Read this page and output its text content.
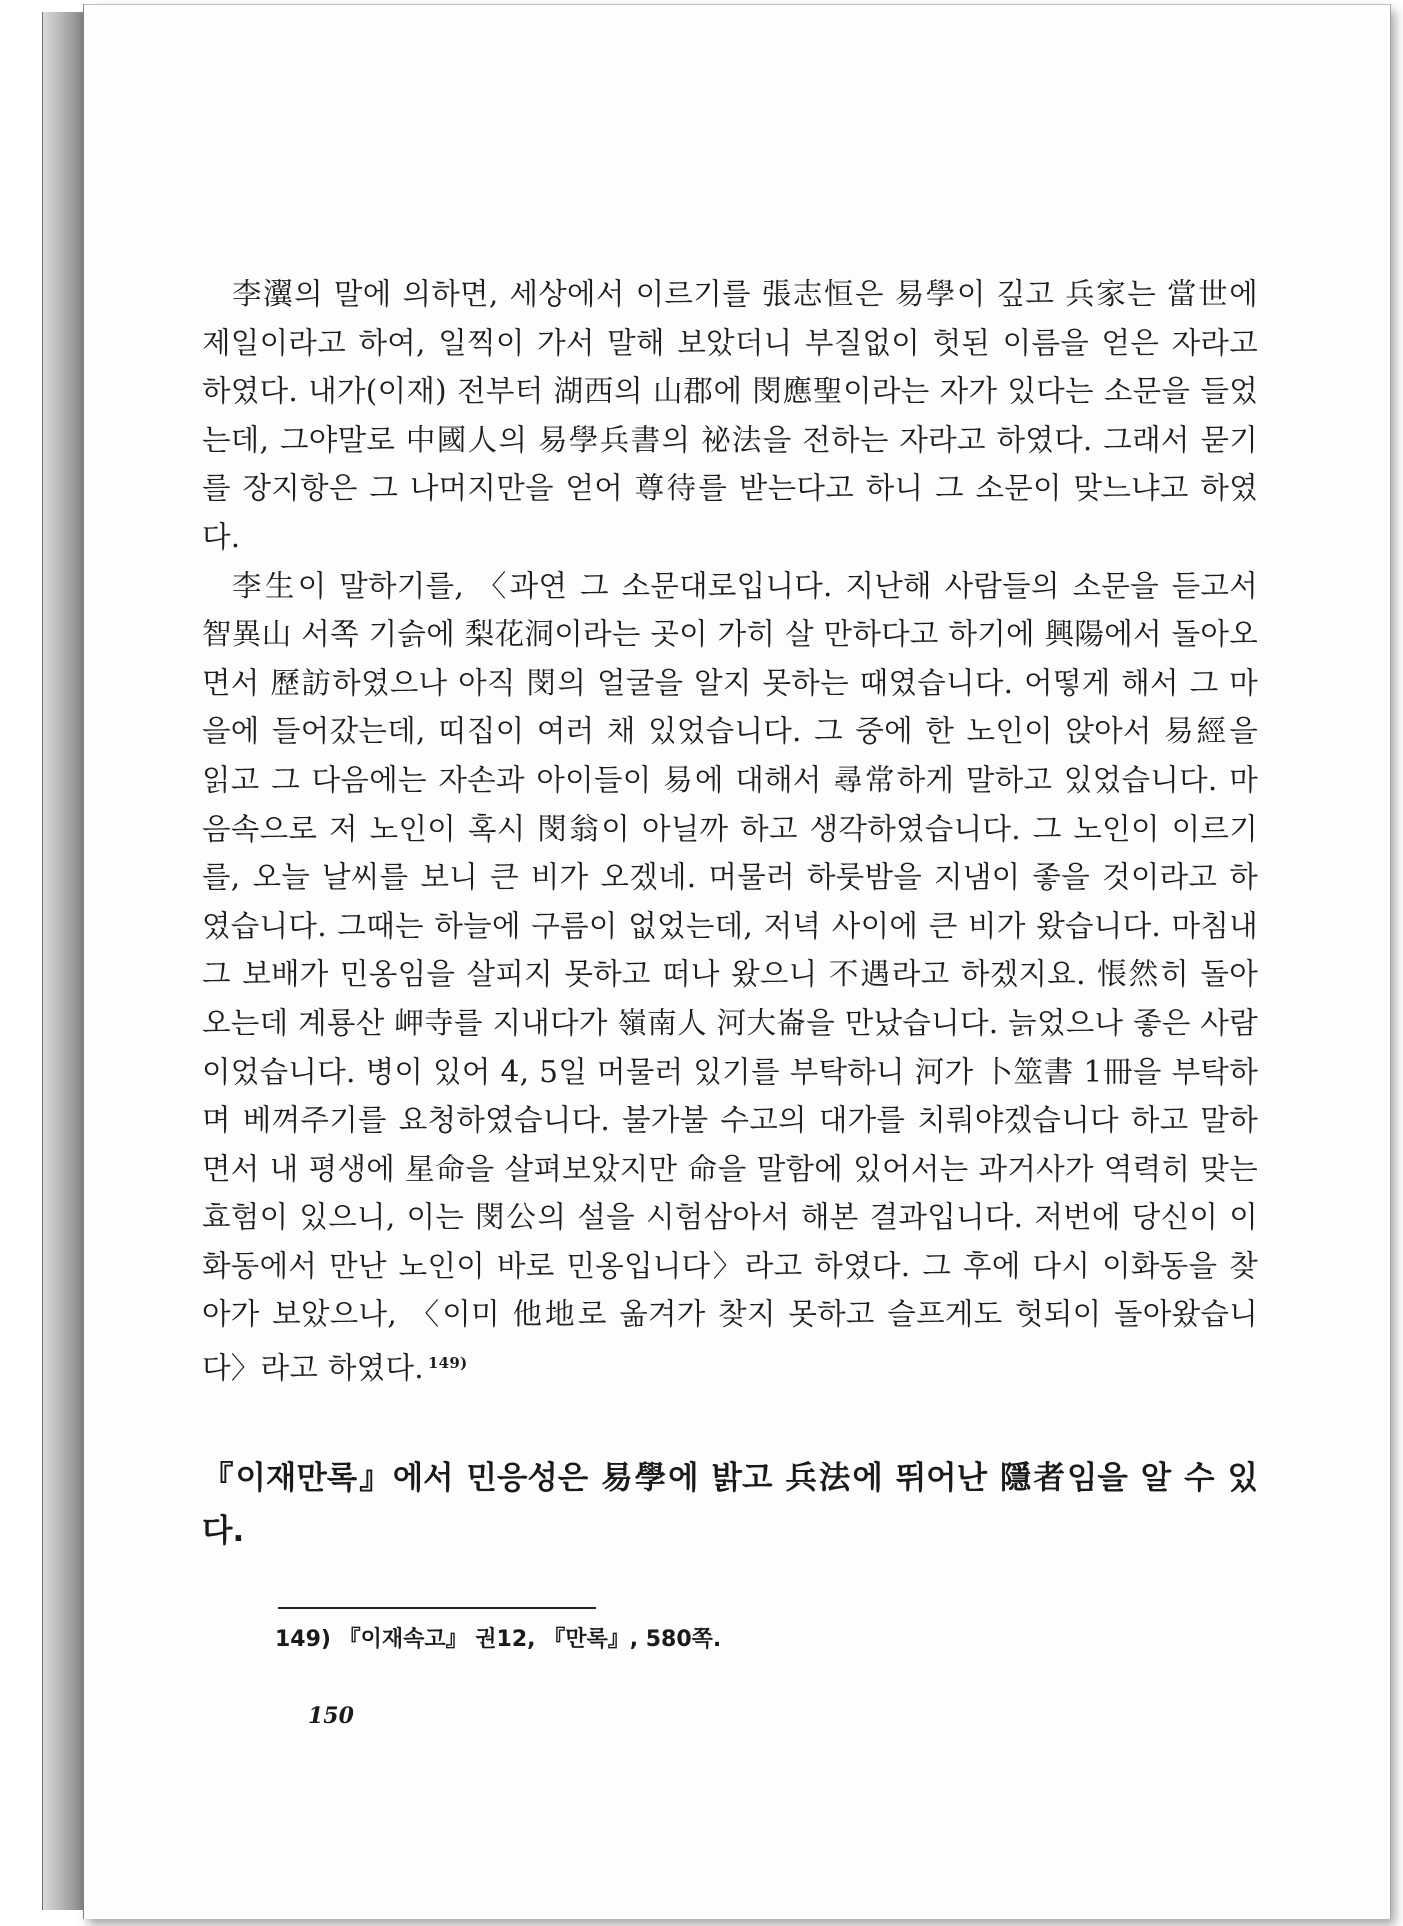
李瀷의 말에 의하면, 세상에서 이르기를 張志恒은 易學이 깊고 兵家는 當世에 제일이라고 하여, 일찍이 가서 말해 보았더니 부질없이 헛된 이름을 얻은 자라고 하였다. 내가(이재) 전부터 湖西의 山郡에 閔應聖이라는 자가 있다는 소문을 들었는데, 그야말로 中國人의 易學兵書의 祕法을 전하는 자라고 하였다. 그래서 묻기를 장지항은 그 나머지만을 얻어 尊待를 받는다고 하니 그 소문이 맞느냐고 하였다.

李生이 말하기를, 〈과연 그 소문대로입니다. 지난해 사람들의 소문을 듣고서 智異山 서쪽 기슭에 梨花洞이라는 곳이 가히 살 만하다고 하기에 興陽에서 돌아오면서 歷訪하였으나 아직 閔의 얼굴을 알지 못하는 때였습니다. 어떻게 해서 그 마을에 들어갔는데, 띠집이 여러 채 있었습니다. 그 중에 한 노인이 앉아서 易經을 읽고 그 다음에는 자손과 아이들이 易에 대해서 尋常하게 말하고 있었습니다. 마음속으로 저 노인이 혹시 閔翁이 아닐까 하고 생각하였습니다. 그 노인이 이르기를, 오늘 날씨를 보니 큰 비가 오겠네. 머물러 하룻밤을 지냄이 좋을 것이라고 하였습니다. 그때는 하늘에 구름이 없었는데, 저녁 사이에 큰 비가 왔습니다. 마침내 그 보배가 민옹임을 살피지 못하고 떠나 왔으니 不遇라고 하겠지요. 悵然히 돌아오는데 계룡산 岬寺를 지내다가 嶺南人 河大崙을 만났습니다. 늙었으나 좋은 사람이었습니다. 병이 있어 4, 5일 머물러 있기를 부탁하니 河가 卜筮書 1冊을 부탁하며 베껴주기를 요청하였습니다. 불가불 수고의 대가를 치뤄야겠습니다 하고 말하면서 내 평생에 星命을 살펴보았지만 命을 말함에 있어서는 과거사가 역력히 맞는 효험이 있으니, 이는 閔公의 설을 시험삼아서 해본 결과입니다. 저번에 당신이 이화동에서 만난 노인이 바로 민옹입니다〉라고 하였다. 그 후에 다시 이화동을 찾아가 보았으나, 〈이미 他地로 옮겨가 찾지 못하고 슬프게도 헛되이 돌아왔습니다〉라고 하였다. $^{149)}$

『이재만록』에서 민응성은 易學에 밝고 兵法에 뛰어난 隱者임을 알 수 있다.
149) 『이재속고』 권12, 『만록』, 580쪽.
150
